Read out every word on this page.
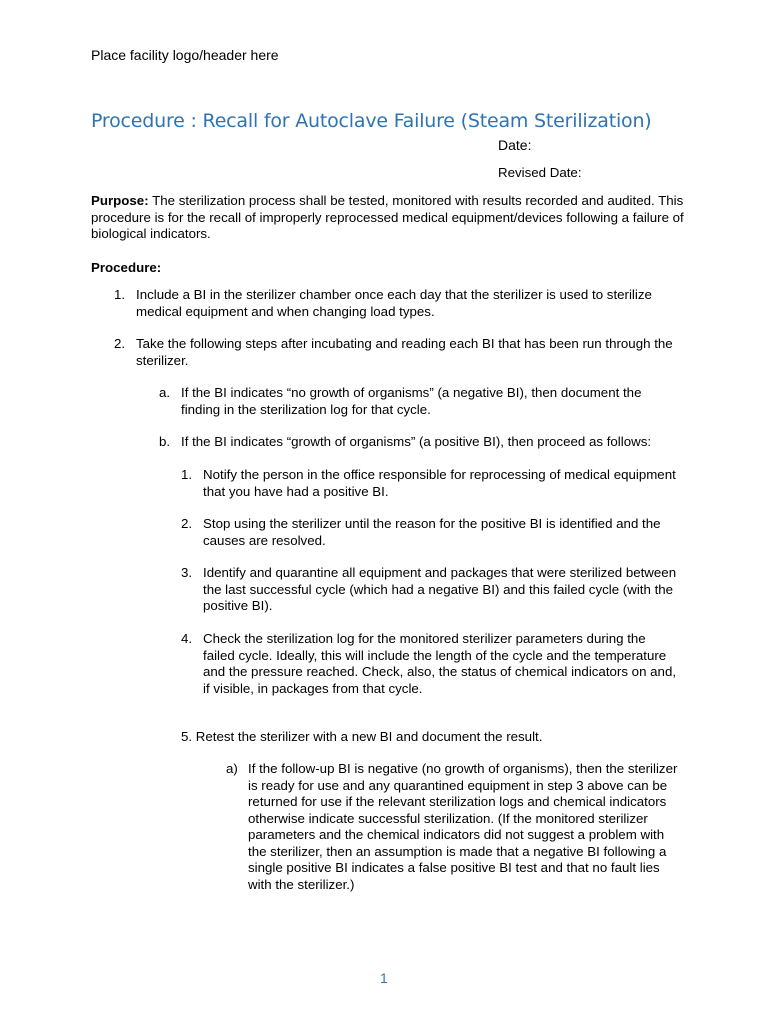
Place facility logo/header here
Procedure : Recall for Autoclave Failure (Steam Sterilization)
Date:
Revised Date:
Purpose: The sterilization process shall be tested, monitored with results recorded and audited. This procedure is for the recall of improperly reprocessed medical equipment/devices following a failure of biological indicators.
Procedure:
1. Include a BI in the sterilizer chamber once each day that the sterilizer is used to sterilize medical equipment and when changing load types.
2. Take the following steps after incubating and reading each BI that has been run through the sterilizer.
a. If the BI indicates “no growth of organisms” (a negative BI), then document the finding in the sterilization log for that cycle.
b. If the BI indicates “growth of organisms” (a positive BI), then proceed as follows:
1. Notify the person in the office responsible for reprocessing of medical equipment that you have had a positive BI.
2. Stop using the sterilizer until the reason for the positive BI is identified and the causes are resolved.
3. Identify and quarantine all equipment and packages that were sterilized between the last successful cycle (which had a negative BI) and this failed cycle (with the positive BI).
4. Check the sterilization log for the monitored sterilizer parameters during the failed cycle. Ideally, this will include the length of the cycle and the temperature and the pressure reached. Check, also, the status of chemical indicators on and, if visible, in packages from that cycle.
5. Retest the sterilizer with a new BI and document the result.
a) If the follow-up BI is negative (no growth of organisms), then the sterilizer is ready for use and any quarantined equipment in step 3 above can be returned for use if the relevant sterilization logs and chemical indicators otherwise indicate successful sterilization. (If the monitored sterilizer parameters and the chemical indicators did not suggest a problem with the sterilizer, then an assumption is made that a negative BI following a single positive BI indicates a false positive BI test and that no fault lies with the sterilizer.)
1
